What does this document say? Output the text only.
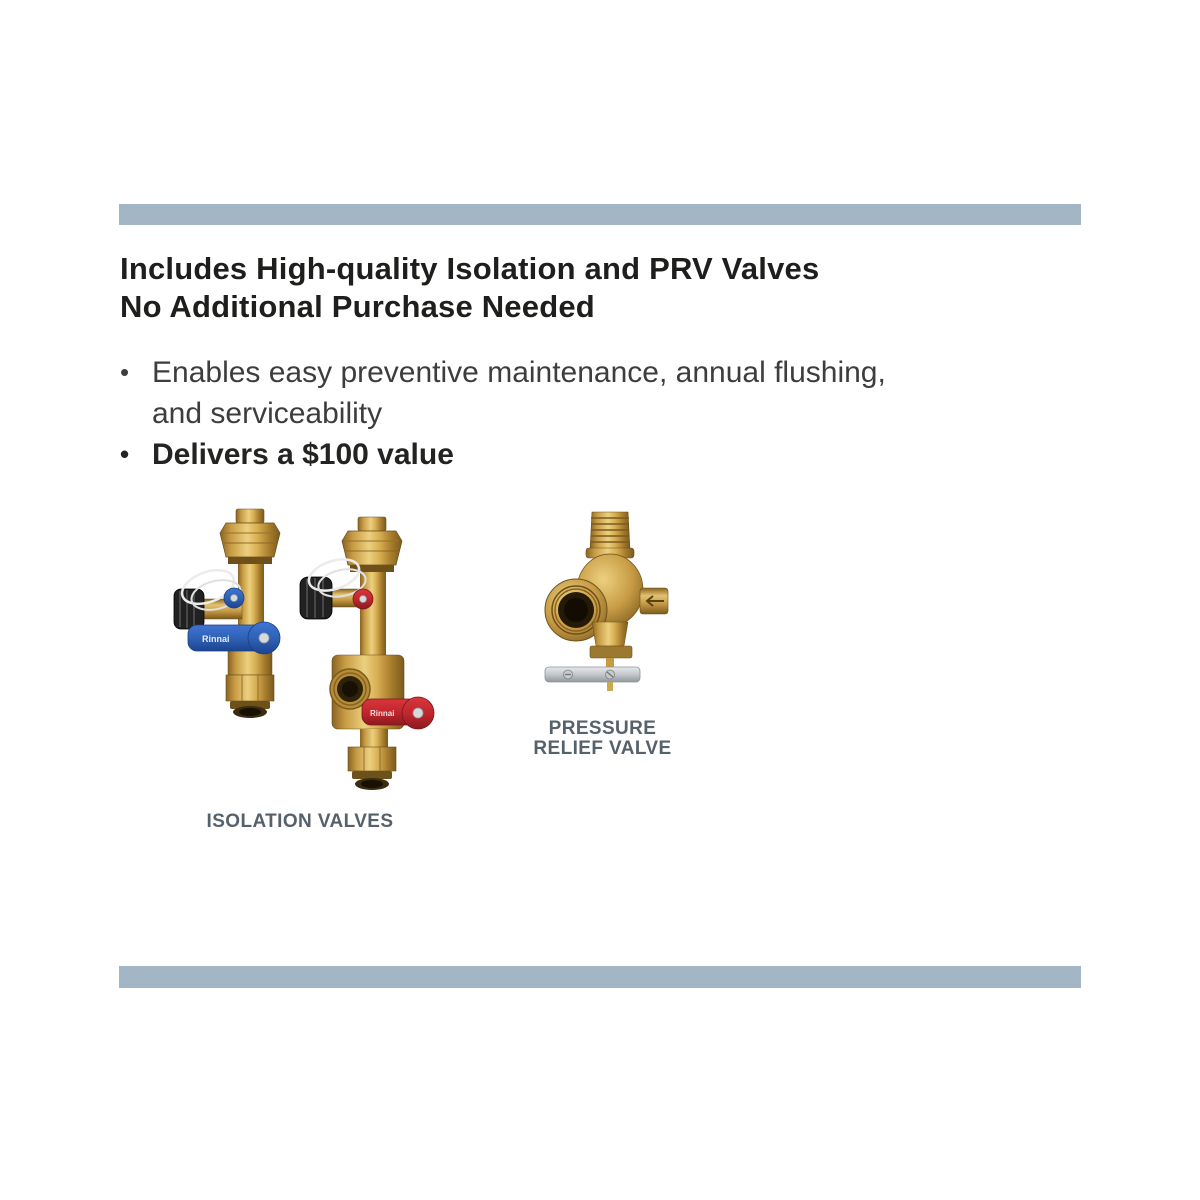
Includes High-quality Isolation and PRV Valves
No Additional Purchase Needed
• Enables easy preventive maintenance, annual flushing,
and serviceability
• Delivers a $100 value
Rinnai
Rinnai
ISOLATION VALVES
PRESSURE
RELIEF VALVE
